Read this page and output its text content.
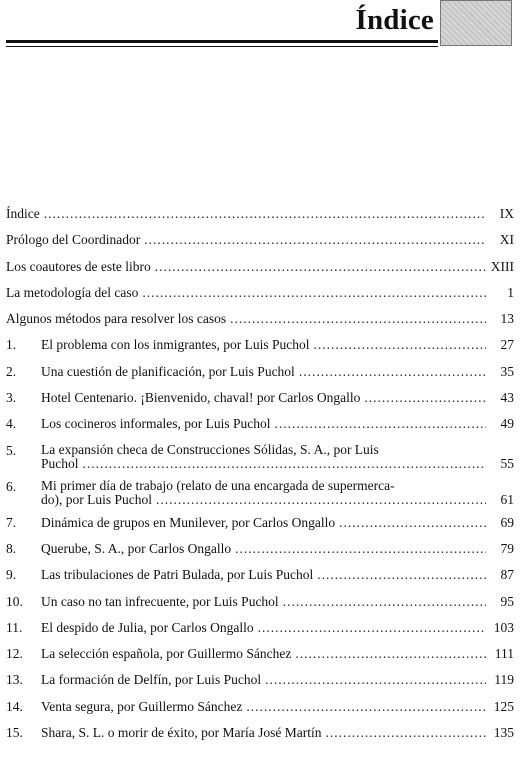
Índice
Índice .....	IX
Prólogo del Coordinador .....	XI
Los coautores de este libro .....	XIII
La metodología del caso .....	1
Algunos métodos para resolver los casos .....	13
1.	El problema con los inmigrantes, por Luis Puchol .....	27
2.	Una cuestión de planificación, por Luis Puchol .....	35
3.	Hotel Centenario. ¡Bienvenido, chaval! por Carlos Ongallo .....	43
4.	Los cocineros informales, por Luis Puchol .....	49
5.	La expansión checa de Construcciones Sólidas, S. A., por Luis
Puchol .....	55
6.	Mi primer día de trabajo (relato de una encargada de supermerca-
do), por Luis Puchol .....	61
7.	Dinámica de grupos en Munilever, por Carlos Ongallo .....	69
8.	Querube, S. A., por Carlos Ongallo .....	79
9.	Las tribulaciones de Patri Bulada, por Luis Puchol .....	87
10.	Un caso no tan infrecuente, por Luis Puchol .....	95
11.	El despido de Julia, por Carlos Ongallo .....	103
12.	La selección española, por Guillermo Sánchez .....	111
13.	La formación de Delfín, por Luis Puchol .....	119
14.	Venta segura, por Guillermo Sánchez .....	125
15.	Shara, S. L. o morir de éxito, por María José Martín .....	135
